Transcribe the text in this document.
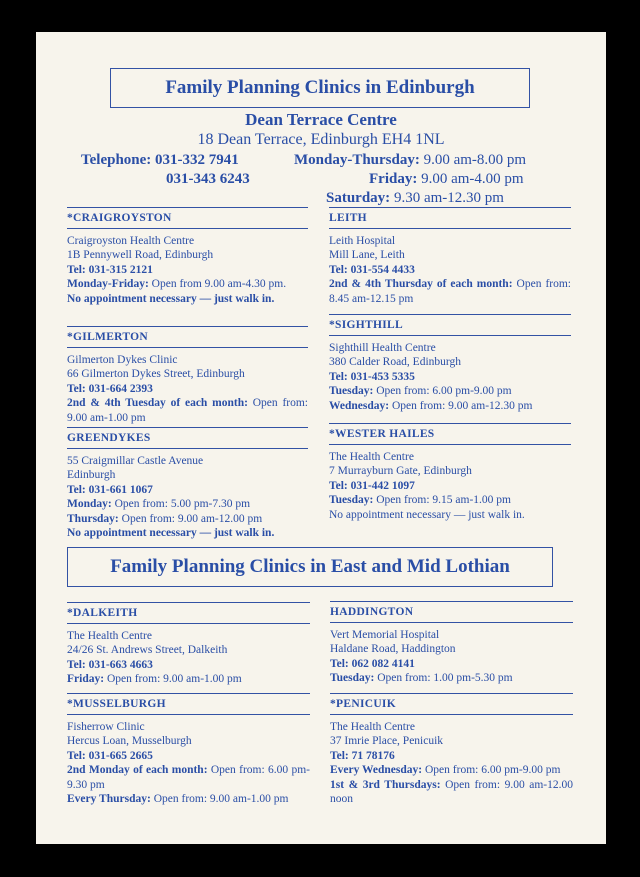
Family Planning Clinics in Edinburgh
Dean Terrace Centre
18 Dean Terrace, Edinburgh EH4 1NL
Telephone: 031-332 7941
031-343 6243
Monday-Thursday: 9.00 am-8.00 pm
Friday: 9.00 am-4.00 pm
Saturday: 9.30 am-12.30 pm
*CRAIGROYSTON
Craigroyston Health Centre
1B Pennywell Road, Edinburgh
Tel: 031-315 2121
Monday-Friday: Open from 9.00 am-4.30 pm.
No appointment necessary — just walk in.
*GILMERTON
Gilmerton Dykes Clinic
66 Gilmerton Dykes Street, Edinburgh
Tel: 031-664 2393
2nd & 4th Tuesday of each month: Open from: 9.00 am-1.00 pm
GREENDYKES
55 Craigmillar Castle Avenue
Edinburgh
Tel: 031-661 1067
Monday: Open from: 5.00 pm-7.30 pm
Thursday: Open from: 9.00 am-12.00 pm
No appointment necessary — just walk in.
LEITH
Leith Hospital
Mill Lane, Leith
Tel: 031-554 4433
2nd & 4th Thursday of each month: Open from: 8.45 am-12.15 pm
*SIGHTHILL
Sighthill Health Centre
380 Calder Road, Edinburgh
Tel: 031-453 5335
Tuesday: Open from: 6.00 pm-9.00 pm
Wednesday: Open from: 9.00 am-12.30 pm
*WESTER HAILES
The Health Centre
7 Murrayburn Gate, Edinburgh
Tel: 031-442 1097
Tuesday: Open from: 9.15 am-1.00 pm
No appointment necessary — just walk in.
Family Planning Clinics in East and Mid Lothian
*DALKEITH
The Health Centre
24/26 St. Andrews Street, Dalkeith
Tel: 031-663 4663
Friday: Open from: 9.00 am-1.00 pm
*MUSSELBURGH
Fisherrow Clinic
Hercus Loan, Musselburgh
Tel: 031-665 2665
2nd Monday of each month: Open from: 6.00 pm-9.30 pm
Every Thursday: Open from: 9.00 am-1.00 pm
HADDINGTON
Vert Memorial Hospital
Haldane Road, Haddington
Tel: 062 082 4141
Tuesday: Open from: 1.00 pm-5.30 pm
*PENICUIK
The Health Centre
37 Imrie Place, Penicuik
Tel: 71 78176
Every Wednesday: Open from: 6.00 pm-9.00 pm
1st & 3rd Thursdays: Open from: 9.00 am-12.00 noon
